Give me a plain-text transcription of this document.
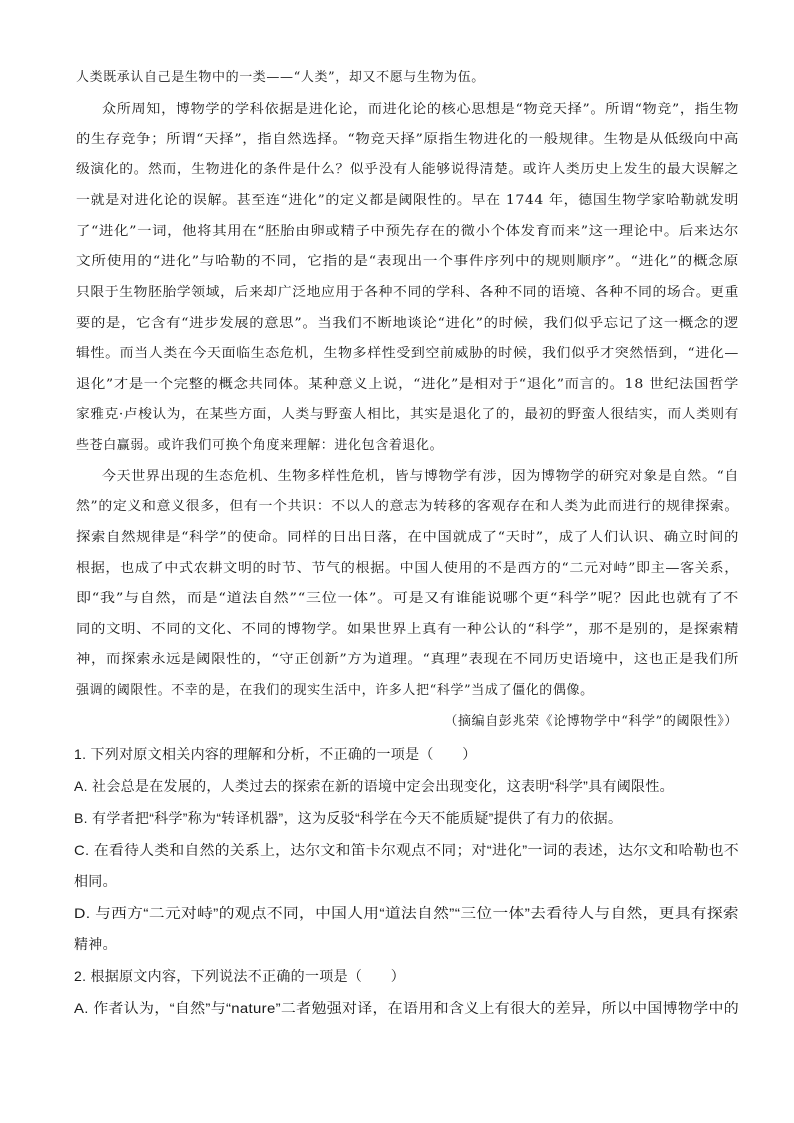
人类既承认自己是生物中的一类——“人类”，却又不愿与生物为伍。
众所周知，博物学的学科依据是进化论，而进化论的核心思想是“物竞天择”。所谓“物竞”，指生物
的生存竞争；所谓“天择”，指自然选择。“物竞天择”原指生物进化的一般规律。生物是从低级向中高
级演化的。然而，生物进化的条件是什么？似乎没有人能够说得清楚。或许人类历史上发生的最大误解之
一就是对进化论的误解。甚至连“进化”的定义都是阈限性的。早在 1744 年，德国生物学家哈勒就发明
了“进化”一词，他将其用在“胚胎由卵或精子中预先存在的微小个体发育而来”这一理论中。后来达尔
文所使用的“进化”与哈勒的不同，它指的是“表现出一个事件序列中的规则顺序”。“进化”的概念原
只限于生物胚胎学领域，后来却广泛地应用于各种不同的学科、各种不同的语境、各种不同的场合。更重
要的是，它含有“进步发展的意思”。当我们不断地谈论“进化”的时候，我们似乎忘记了这一概念的逻
辑性。而当人类在今天面临生态危机，生物多样性受到空前威胁的时候，我们似乎才突然悟到，“进化—
退化”才是一个完整的概念共同体。某种意义上说，“进化”是相对于“退化”而言的。18 世纪法国哲学
家雅克·卢梭认为，在某些方面，人类与野蛮人相比，其实是退化了的，最初的野蛮人很结实，而人类则有
些苍白赢弱。或许我们可换个角度来理解：进化包含着退化。
今天世界出现的生态危机、生物多样性危机，皆与博物学有涉，因为博物学的研究对象是自然。“自
然”的定义和意义很多，但有一个共识：不以人的意志为转移的客观存在和人类为此而进行的规律探索。
探索自然规律是“科学”的使命。同样的日出日落，在中国就成了“天时”，成了人们认识、确立时间的
根据，也成了中式农耕文明的时节、节气的根据。中国人使用的不是西方的“二元对峙”即主—客关系，
即“我”与自然，而是“道法自然”“三位一体”。可是又有谁能说哪个更“科学”呢？因此也就有了不
同的文明、不同的文化、不同的博物学。如果世界上真有一种公认的“科学”，那不是别的，是探索精
神，而探索永远是阈限性的，“守正创新”方为道理。“真理”表现在不同历史语境中，这也正是我们所
强调的阈限性。不幸的是，在我们的现实生活中，许多人把“科学”当成了僵化的偶像。
（摘编自彭兆荣《论博物学中“科学”的阈限性》）
1. 下列对原文相关内容的理解和分析，不正确的一项是（　　）
A. 社会总是在发展的，人类过去的探索在新的语境中定会出现变化，这表明“科学”具有阈限性。
B. 有学者把“科学”称为“转译机器”，这为反驳“科学在今天不能质疑”提供了有力的依据。
C. 在看待人类和自然的关系上，达尔文和笛卡尔观点不同；对“进化”一词的表述，达尔文和哈勒也不
相同。
D. 与西方“二元对峙”的观点不同，中国人用“道法自然”“三位一体”去看待人与自然，更具有探索
精神。
2. 根据原文内容，下列说法不正确的一项是（　　）
A. 作者认为，“自然”与“nature”二者勉强对译，在语用和含义上有很大的差异，所以中国博物学中的
